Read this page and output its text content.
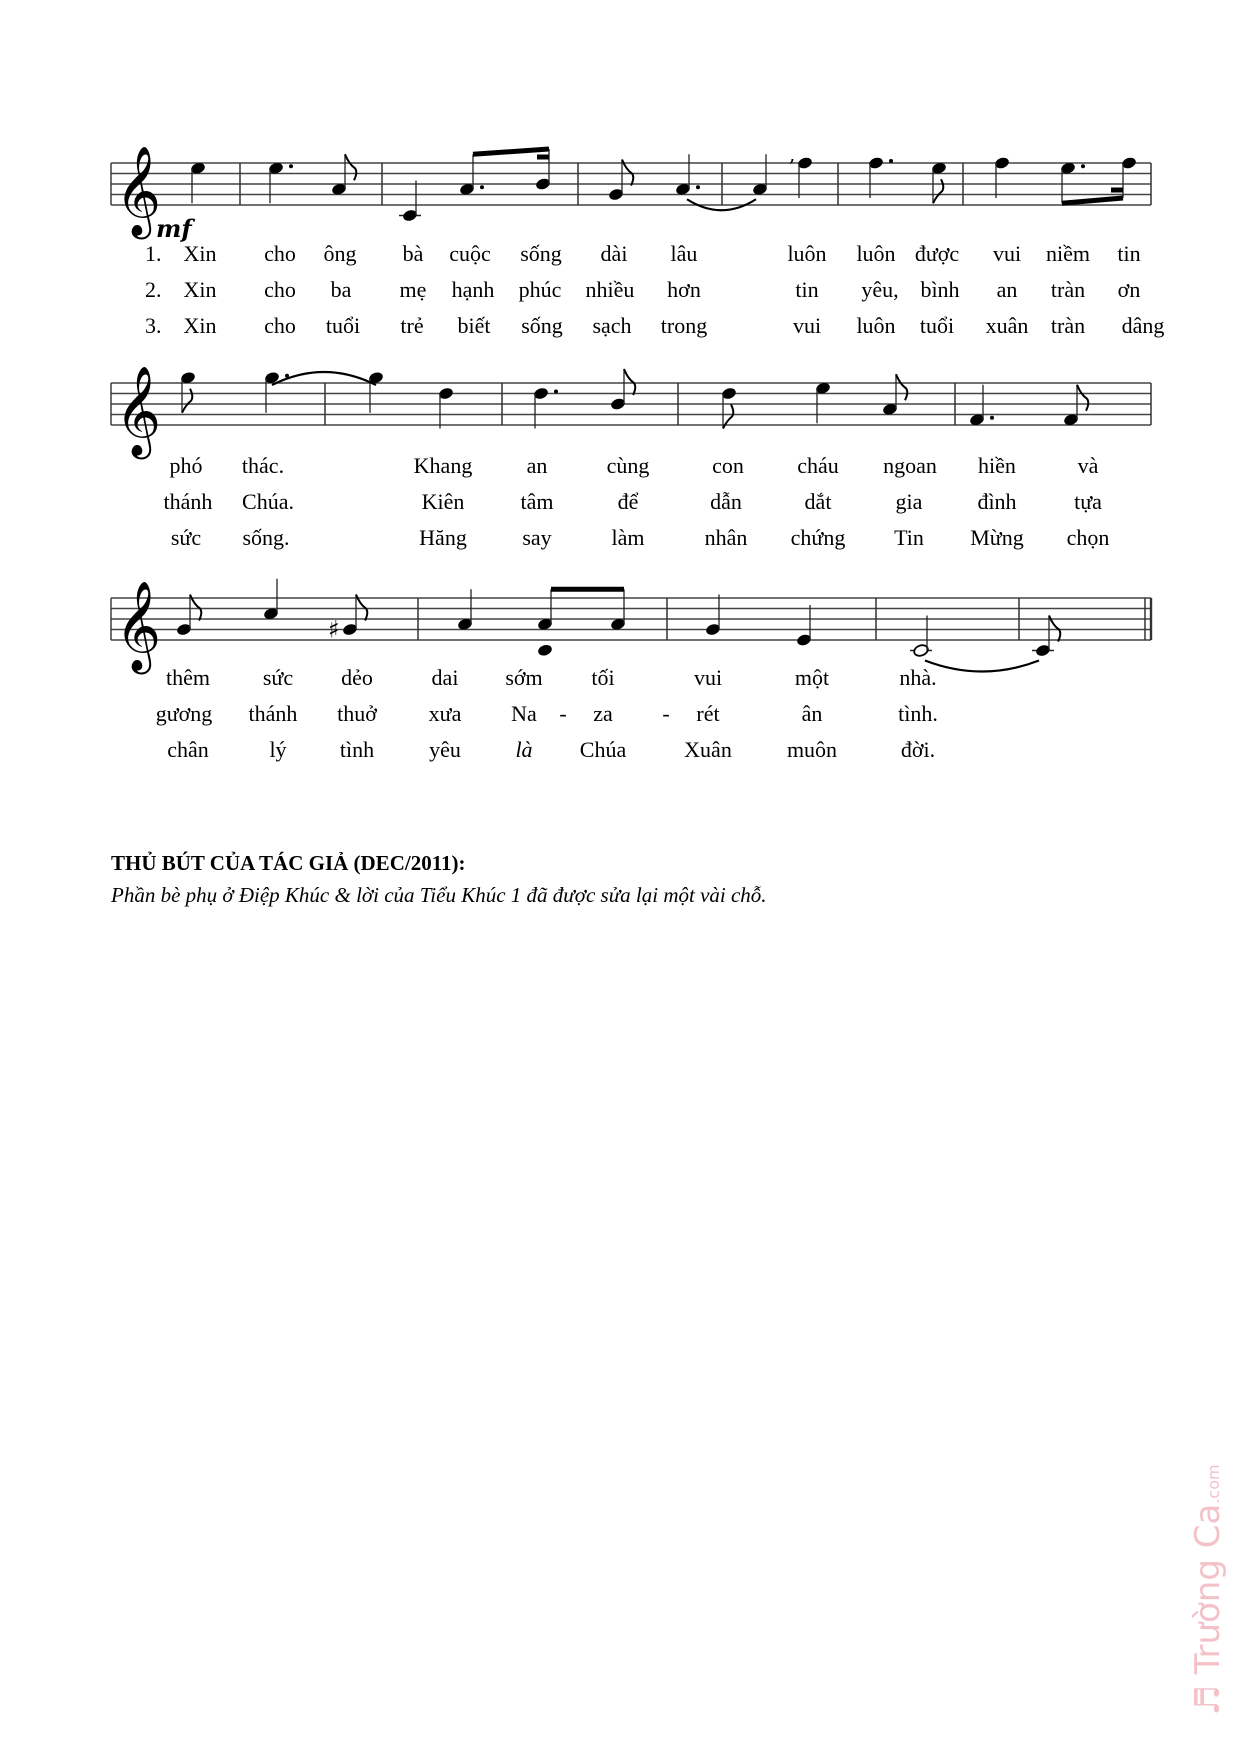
𝄞	,
mf
𝄞
𝄞	♯
1. Xin cho ông bà cuộc sống dài lâu	luôn luôn được vui niềm tin
2. Xin cho ba mẹ hạnh phúc nhiều hơn	tin yêu, bình an tràn ơn
3. Xin cho tuổi trẻ biết sống sạch trong	vui luôn tuổi xuân tràn dâng
phó thác.	Khang an	cùng	con cháu ngoan hiền	và
thánh Chúa.	Kiên	tâm	để	dẫn	dắt	gia đình	tựa
sức sống.	Hăng	say	làm	nhân chứng Tin Mừng chọn
thêm sức dẻo	dai sớm tối	vui	một	nhà.
gương thánh thuở xưa Na - za - rét	ân	tình.
chân	lý tình	yêu là Chúa	Xuân	muôn	đời.
THỦ BÚT CỦA TÁC GIẢ (DEC/2011):
Phần bè phụ ở Điệp Khúc & lời của Tiểu Khúc 1 đã được sửa lại một vài chỗ.
♬ Trường Ca.com
